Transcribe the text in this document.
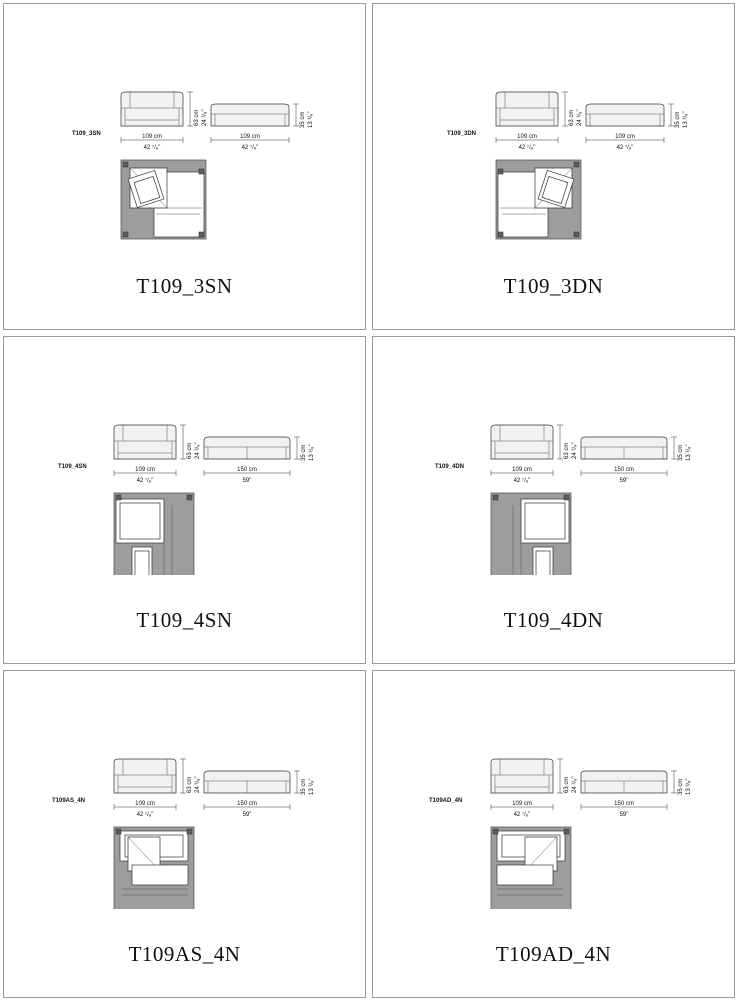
T109_3SN
63 cm 24 ³/₈"	35 cm 13 ³/₈"
109 cm
42 ⁷/₈"
109 cm
42 ⁷/₈"
T109_3SN
T109_3DN
63 cm 24 ³/₈"	35 cm 13 ³/₈"
109 cm
42 ⁷/₈"
109 cm
42 ⁷/₈"
T109_3DN
T109_4SN
63 cm 24 ³/₈"	35 cm 13 ³/₈"
109 cm
42 ⁷/₈"
150 cm
59"
T109_4SN
T109_4DN
63 cm 24 ³/₈"	35 cm 13 ³/₈"
109 cm
42 ⁷/₈"
150 cm
59"
T109_4DN
T109AS_4N
63 cm 24 ³/₈"	35 cm 13 ³/₈"
109 cm
42 ⁷/₈"
150 cm
59"
T109AS_4N
T109AD_4N
63 cm 24 ³/₈"	35 cm 13 ³/₈"
109 cm
42 ⁷/₈"
150 cm
59"
T109AD_4N
